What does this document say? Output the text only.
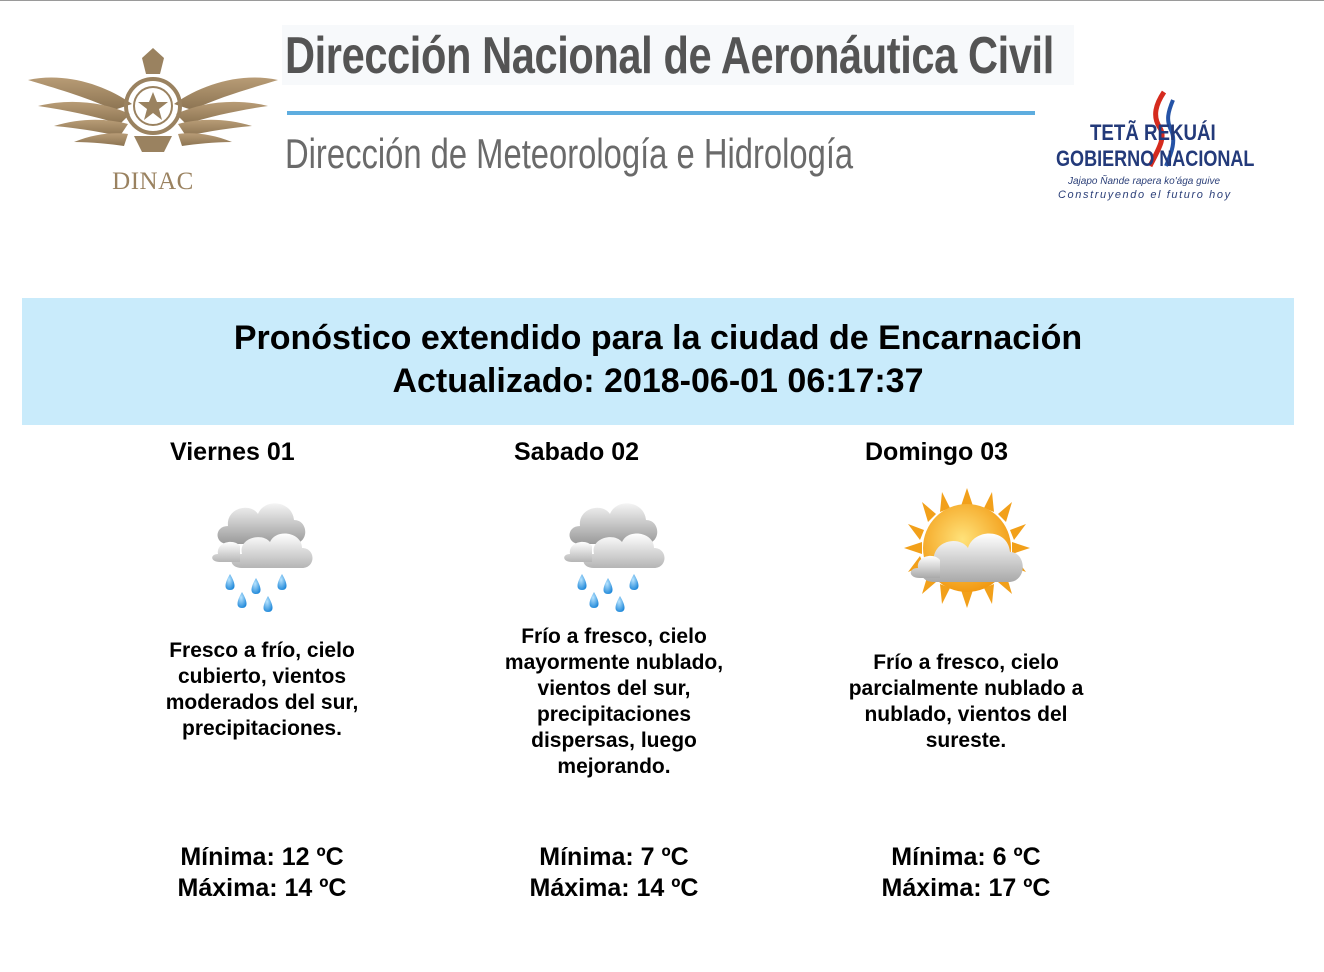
DINAC
Dirección Nacional de Aeronáutica Civil
Dirección de Meteorología e Hidrología	TETÃ REKUÁI
GOBIERNO NACIONAL
Jajapo Ñande rapera ko'ága guive
Construyendo el futuro hoy
Pronóstico extendido para la ciudad de Encarnación
Actualizado: 2018-06-01 06:17:37
Viernes 01
Fresco a frío, cielo cubierto, vientos moderados del sur, precipitaciones.
Mínima: 12 ºC
Máxima: 14 ºC
Sabado 02
Frío a fresco, cielo mayormente nublado, vientos del sur, precipitaciones dispersas, luego mejorando.
Mínima: 7 ºC
Máxima: 14 ºC
Domingo 03
Frío a fresco, cielo parcialmente nublado a nublado, vientos del sureste.
Mínima: 6 ºC
Máxima: 17 ºC
